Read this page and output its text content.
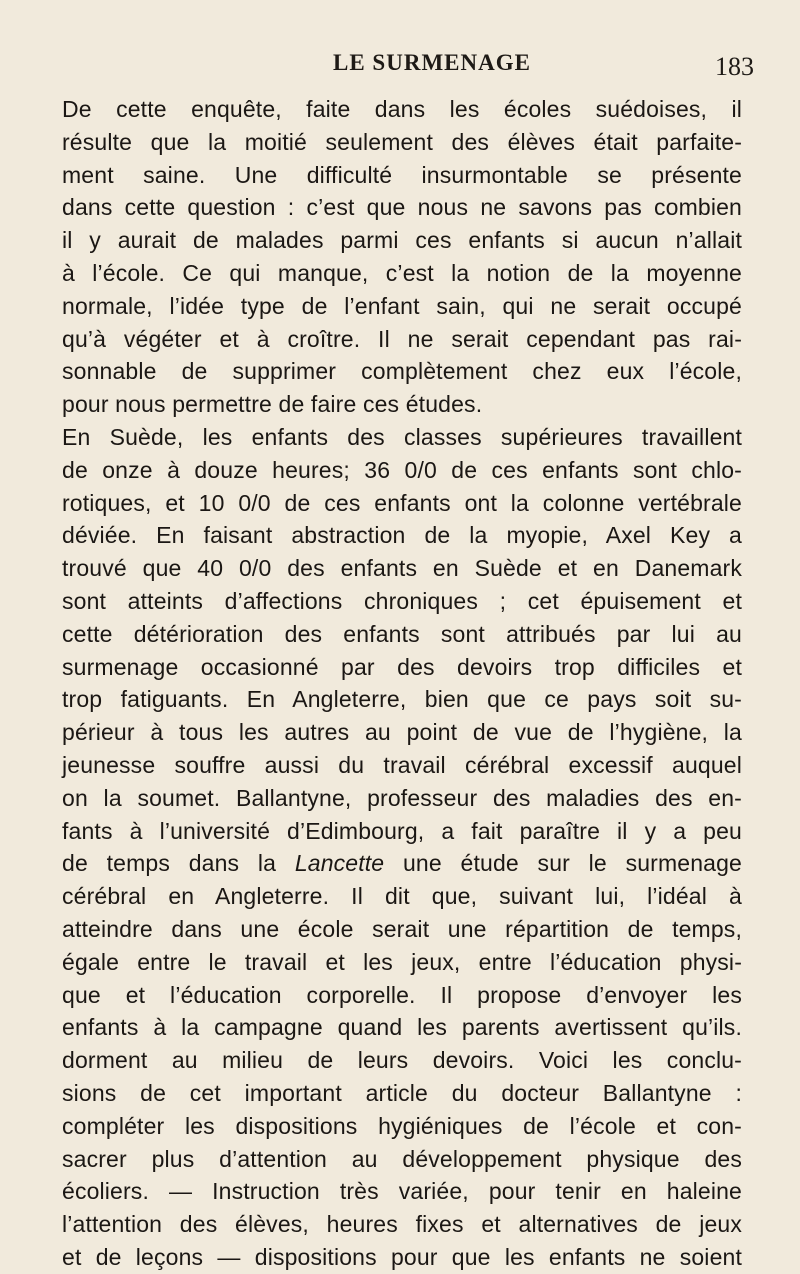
LE SURMENAGE	183
De cette enquête, faite dans les écoles suédoises, il
résulte que la moitié seulement des élèves était parfaite-
ment saine. Une difficulté insurmontable se présente
dans cette question : c’est que nous ne savons pas combien
il y aurait de malades parmi ces enfants si aucun n’allait
à l’école. Ce qui manque, c’est la notion de la moyenne
normale, l’idée type de l’enfant sain, qui ne serait occupé
qu’à végéter et à croître. Il ne serait cependant pas rai-
sonnable de supprimer complètement chez eux l’école,
pour nous permettre de faire ces études.
En Suède, les enfants des classes supérieures travaillent
de onze à douze heures; 36 0/0 de ces enfants sont chlo-
rotiques, et 10 0/0 de ces enfants ont la colonne vertébrale
déviée. En faisant abstraction de la myopie, Axel Key a
trouvé que 40 0/0 des enfants en Suède et en Danemark
sont atteints d’affections chroniques ; cet épuisement et
cette détérioration des enfants sont attribués par lui au
surmenage occasionné par des devoirs trop difficiles et
trop fatiguants. En Angleterre, bien que ce pays soit su-
périeur à tous les autres au point de vue de l’hygiène, la
jeunesse souffre aussi du travail cérébral excessif auquel
on la soumet. Ballantyne, professeur des maladies des en-
fants à l’université d’Edimbourg, a fait paraître il y a peu
de temps dans la Lancette une étude sur le surmenage
cérébral en Angleterre. Il dit que, suivant lui, l’idéal à
atteindre dans une école serait une répartition de temps,
égale entre le travail et les jeux, entre l’éducation physi-
que et l’éducation corporelle. Il propose d’envoyer les
enfants à la campagne quand les parents avertissent qu’ils.
dorment au milieu de leurs devoirs. Voici les conclu-
sions de cet important article du docteur Ballantyne :
compléter les dispositions hygiéniques de l’école et con-
sacrer plus d’attention au développement physique des
écoliers. — Instruction très variée, pour tenir en haleine
l’attention des élèves, heures fixes et alternatives de jeux
et de leçons — dispositions pour que les enfants ne soient
